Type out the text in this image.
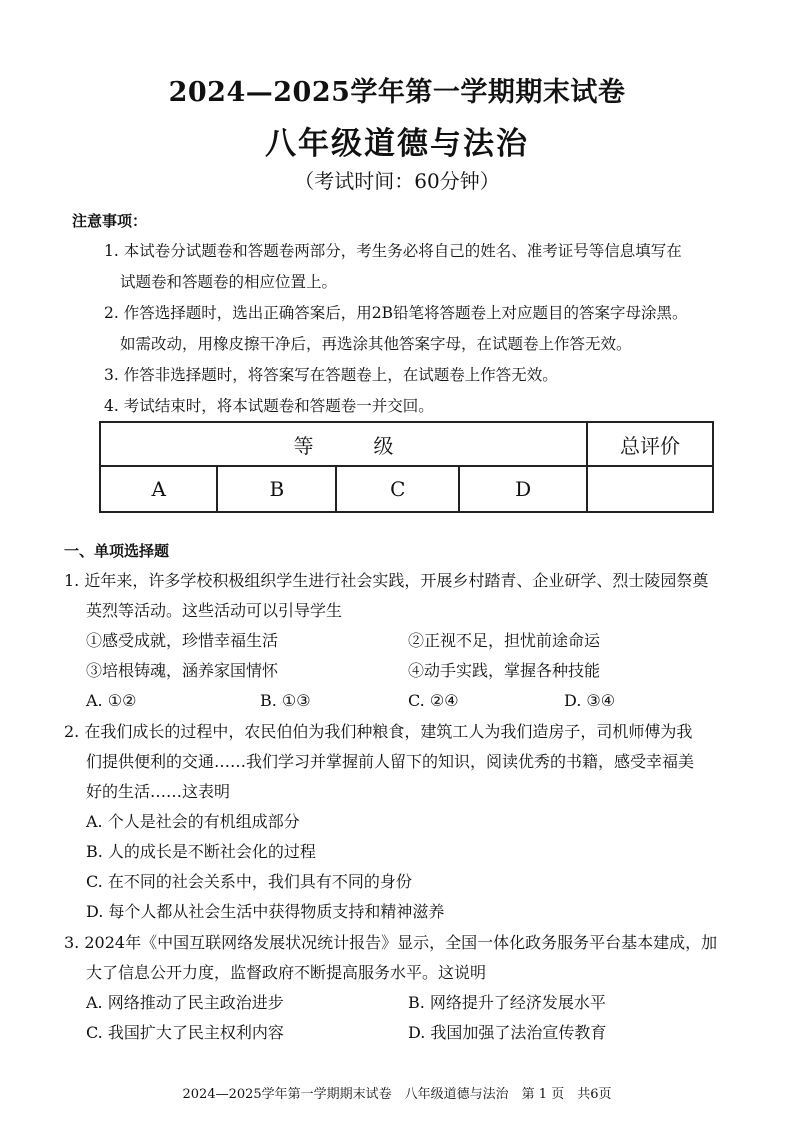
2024—2025学年第一学期期末试卷
八年级道德与法治
（考试时间：60分钟）
注意事项：
1. 本试卷分试题卷和答题卷两部分，考生务必将自己的姓名、准考证号等信息填写在
试题卷和答题卷的相应位置上。
2. 作答选择题时，选出正确答案后，用2B铅笔将答题卷上对应题目的答案字母涂黑。
如需改动，用橡皮擦干净后，再选涂其他答案字母，在试题卷上作答无效。
3. 作答非选择题时，将答案写在答题卷上，在试题卷上作答无效。
4. 考试结束时，将本试题卷和答题卷一并交回。
等　　　级				总评价
A	B	C	D	
一、单项选择题
1. 近年来，许多学校积极组织学生进行社会实践，开展乡村踏青、企业研学、烈士陵园祭奠
英烈等活动。这些活动可以引导学生
①感受成就，珍惜幸福生活	②正视不足，担忧前途命运
③培根铸魂，涵养家国情怀	④动手实践，掌握各种技能
A. ①②	B. ①③	C. ②④	D. ③④
2. 在我们成长的过程中，农民伯伯为我们种粮食，建筑工人为我们造房子，司机师傅为我
们提供便利的交通……我们学习并掌握前人留下的知识，阅读优秀的书籍，感受幸福美
好的生活……这表明
A. 个人是社会的有机组成部分
B. 人的成长是不断社会化的过程
C. 在不同的社会关系中，我们具有不同的身份
D. 每个人都从社会生活中获得物质支持和精神滋养
3. 2024年《中国互联网络发展状况统计报告》显示，全国一体化政务服务平台基本建成，加
大了信息公开力度，监督政府不断提高服务水平。这说明
A. 网络推动了民主政治进步	B. 网络提升了经济发展水平
C. 我国扩大了民主权利内容	D. 我国加强了法治宣传教育
2024—2025学年第一学期期末试卷　八年级道德与法治　第 1 页　共6页
